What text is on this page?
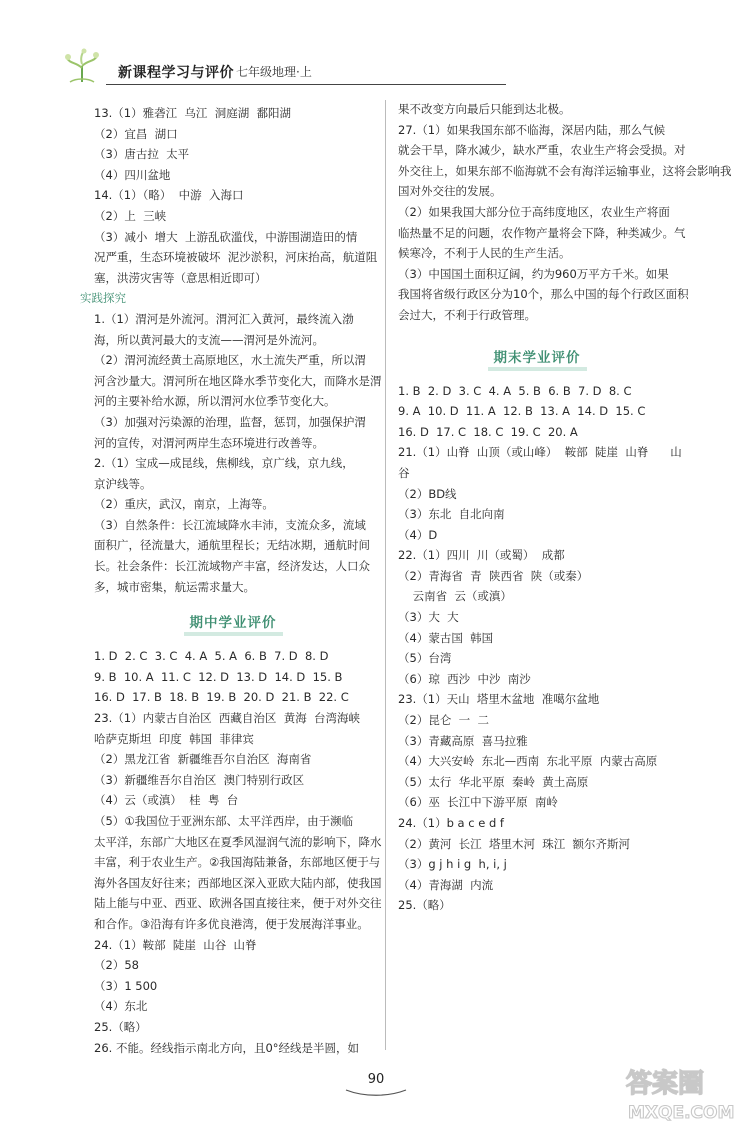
新课程学习与评价 七年级地理·上
13.（1）雅砻江  乌江  洞庭湖  鄱阳湖
（2）宜昌  湖口
（3）唐古拉  太平
（4）四川盆地
14.（1）（略）  中游  入海口
（2）上  三峡
（3）减小  增大  上游乱砍滥伐，中游围湖造田的情
况严重，生态环境被破坏  泥沙淤积，河床抬高，航道阻
塞，洪涝灾害等（意思相近即可）
实践探究
1.（1）渭河是外流河。渭河汇入黄河，最终流入渤
海，所以黄河最大的支流——渭河是外流河。
（2）渭河流经黄土高原地区，水土流失严重，所以渭
河含沙量大。渭河所在地区降水季节变化大，而降水是渭
河的主要补给水源，所以渭河水位季节变化大。
（3）加强对污染源的治理，监督，惩罚，加强保护渭
河的宣传，对渭河两岸生态环境进行改善等。
2.（1）宝成—成昆线，焦柳线，京广线，京九线，
京沪线等。
（2）重庆，武汉，南京，上海等。
（3）自然条件：长江流域降水丰沛，支流众多，流域
面积广，径流量大，通航里程长；无结冰期，通航时间
长。社会条件：长江流域物产丰富，经济发达，人口众
多，城市密集，航运需求量大。
期中学业评价
1. D  2. C  3. C  4. A  5. A  6. B  7. D  8. D
9. B  10. A  11. C  12. D  13. D  14. D  15. B
16. D  17. B  18. B  19. B  20. D  21. B  22. C
23.（1）内蒙古自治区  西藏自治区  黄海  台湾海峡
哈萨克斯坦  印度  韩国  菲律宾
（2）黑龙江省  新疆维吾尔自治区  海南省
（3）新疆维吾尔自治区  澳门特别行政区
（4）云（或滇）  桂  粤  台
（5）①我国位于亚洲东部、太平洋西岸，由于濒临
太平洋，东部广大地区在夏季风湿润气流的影响下，降水
丰富，利于农业生产。②我国海陆兼备，东部地区便于与
海外各国友好往来；西部地区深入亚欧大陆内部，使我国
陆上能与中亚、西亚、欧洲各国直接往来，便于对外交往
和合作。③沿海有许多优良港湾，便于发展海洋事业。
24.（1）鞍部  陡崖  山谷  山脊
（2）58
（3）1 500
（4）东北
25.（略）
26. 不能。经线指示南北方向，且0°经线是半圆，如
果不改变方向最后只能到达北极。
27.（1）如果我国东部不临海，深居内陆，那么气候
就会干旱，降水减少，缺水严重，农业生产将会受损。对
外交往上，如果东部不临海就不会有海洋运输事业，这将会影响我
国对外交往的发展。
（2）如果我国大部分位于高纬度地区，农业生产将面
临热量不足的问题，农作物产量将会下降，种类减少。气
候寒冷，不利于人民的生产生活。
（3）中国国土面积辽阔，约为960万平方千米。如果
我国将省级行政区分为10个，那么中国的每个行政区面积
会过大，不利于行政管理。
期末学业评价
1. B  2. D  3. C  4. A  5. B  6. B  7. D  8. C
9. A  10. D  11. A  12. B  13. A  14. D  15. C
16. D  17. C  18. C  19. C  20. A
21.（1）山脊  山顶（或山峰）  鞍部  陡崖  山脊      山
谷
（2）BD线
（3）东北  自北向南
（4）D
22.（1）四川  川（或蜀）  成都
（2）青海省  青  陕西省  陕（或秦）
云南省  云（或滇）
（3）大  大
（4）蒙古国  韩国
（5）台湾
（6）琼  西沙  中沙  南沙
23.（1）天山  塔里木盆地  准噶尔盆地
（2）昆仑  一  二
（3）青藏高原  喜马拉雅
（4）大兴安岭  东北—西南  东北平原  内蒙古高原
（5）太行  华北平原  秦岭  黄土高原
（6）巫  长江中下游平原  南岭
24.（1）b a c e d f
（2）黄河  长江  塔里木河  珠江  额尔齐斯河
（3）g j h i g  h, i, j
（4）青海湖  内流
25.（略）
90	答案圈
MXQE.COM
